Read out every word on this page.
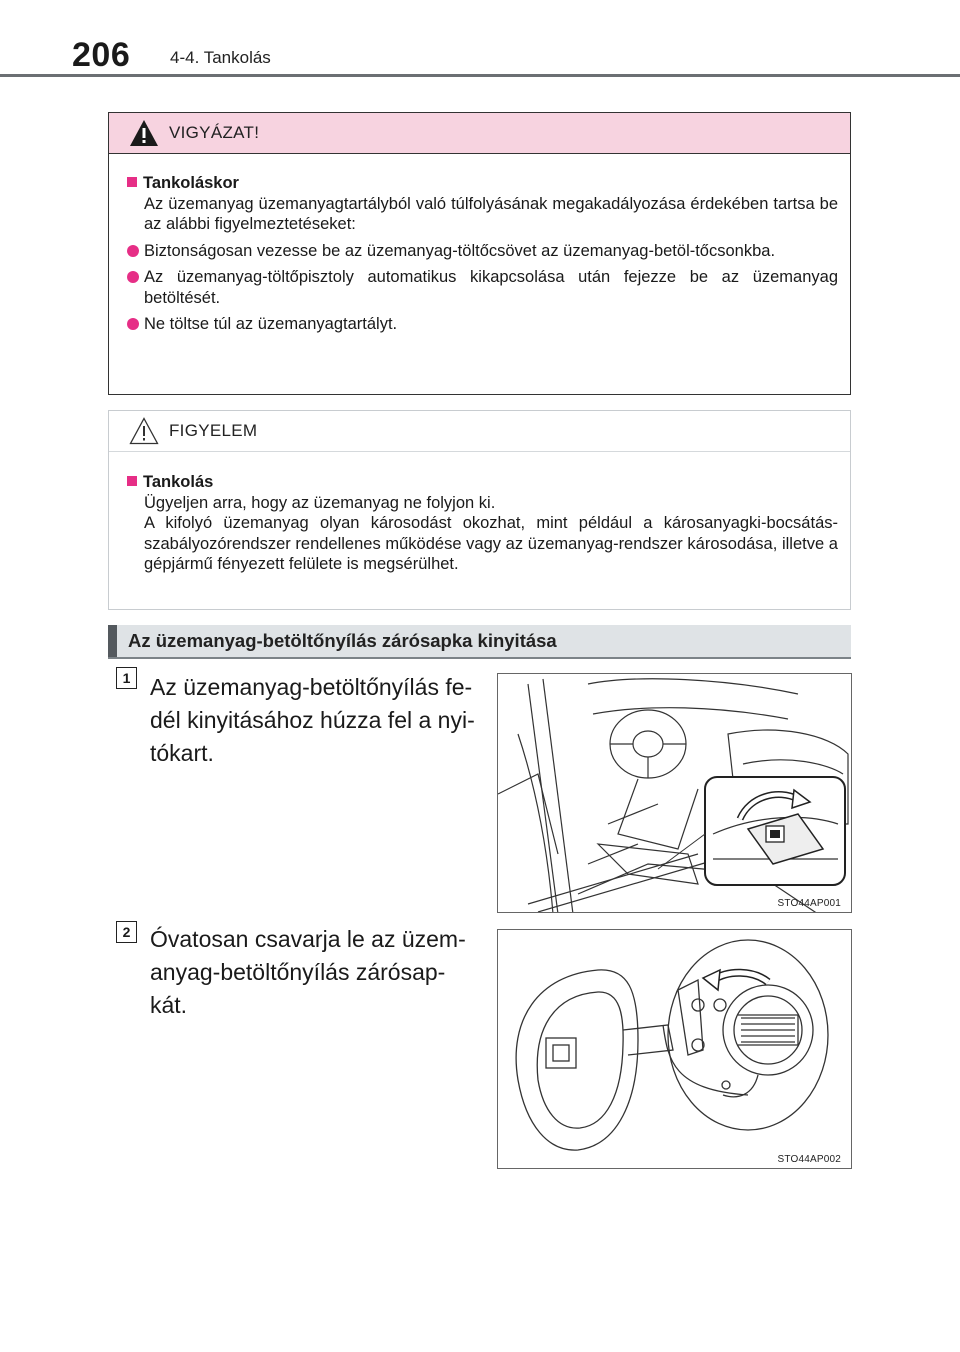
206 4-4. Tankolás
VIGYÁZAT!
Tankoláskor
Az üzemanyag üzemanyagtartályból való túlfolyásának megakadályozása érdekében tartsa be az alábbi figyelmeztetéseket:
Biztonságosan vezesse be az üzemanyag-töltőcsövet az üzemanyag-betöl-tőcsonkba.
Az üzemanyag-töltőpisztoly automatikus kikapcsolása után fejezze be az üzemanyag betöltését.
Ne töltse túl az üzemanyagtartályt.
FIGYELEM
Tankolás
Ügyeljen arra, hogy az üzemanyag ne folyjon ki.
A kifolyó üzemanyag olyan károsodást okozhat, mint például a károsanyagki-bocsátás-szabályozórendszer rendellenes működése vagy az üzemanyag-rendszer károsodása, illetve a gépjármű fényezett felülete is megsérülhet.
Az üzemanyag-betöltőnyílás zárósapka kinyitása
1 Az üzemanyag-betöltőnyílás fe-dél kinyitásához húzza fel a nyi-tókart.
STO44AP001
2 Óvatosan csavarja le az üzem-anyag-betöltőnyílás zárósap-kát.
STO44AP002
